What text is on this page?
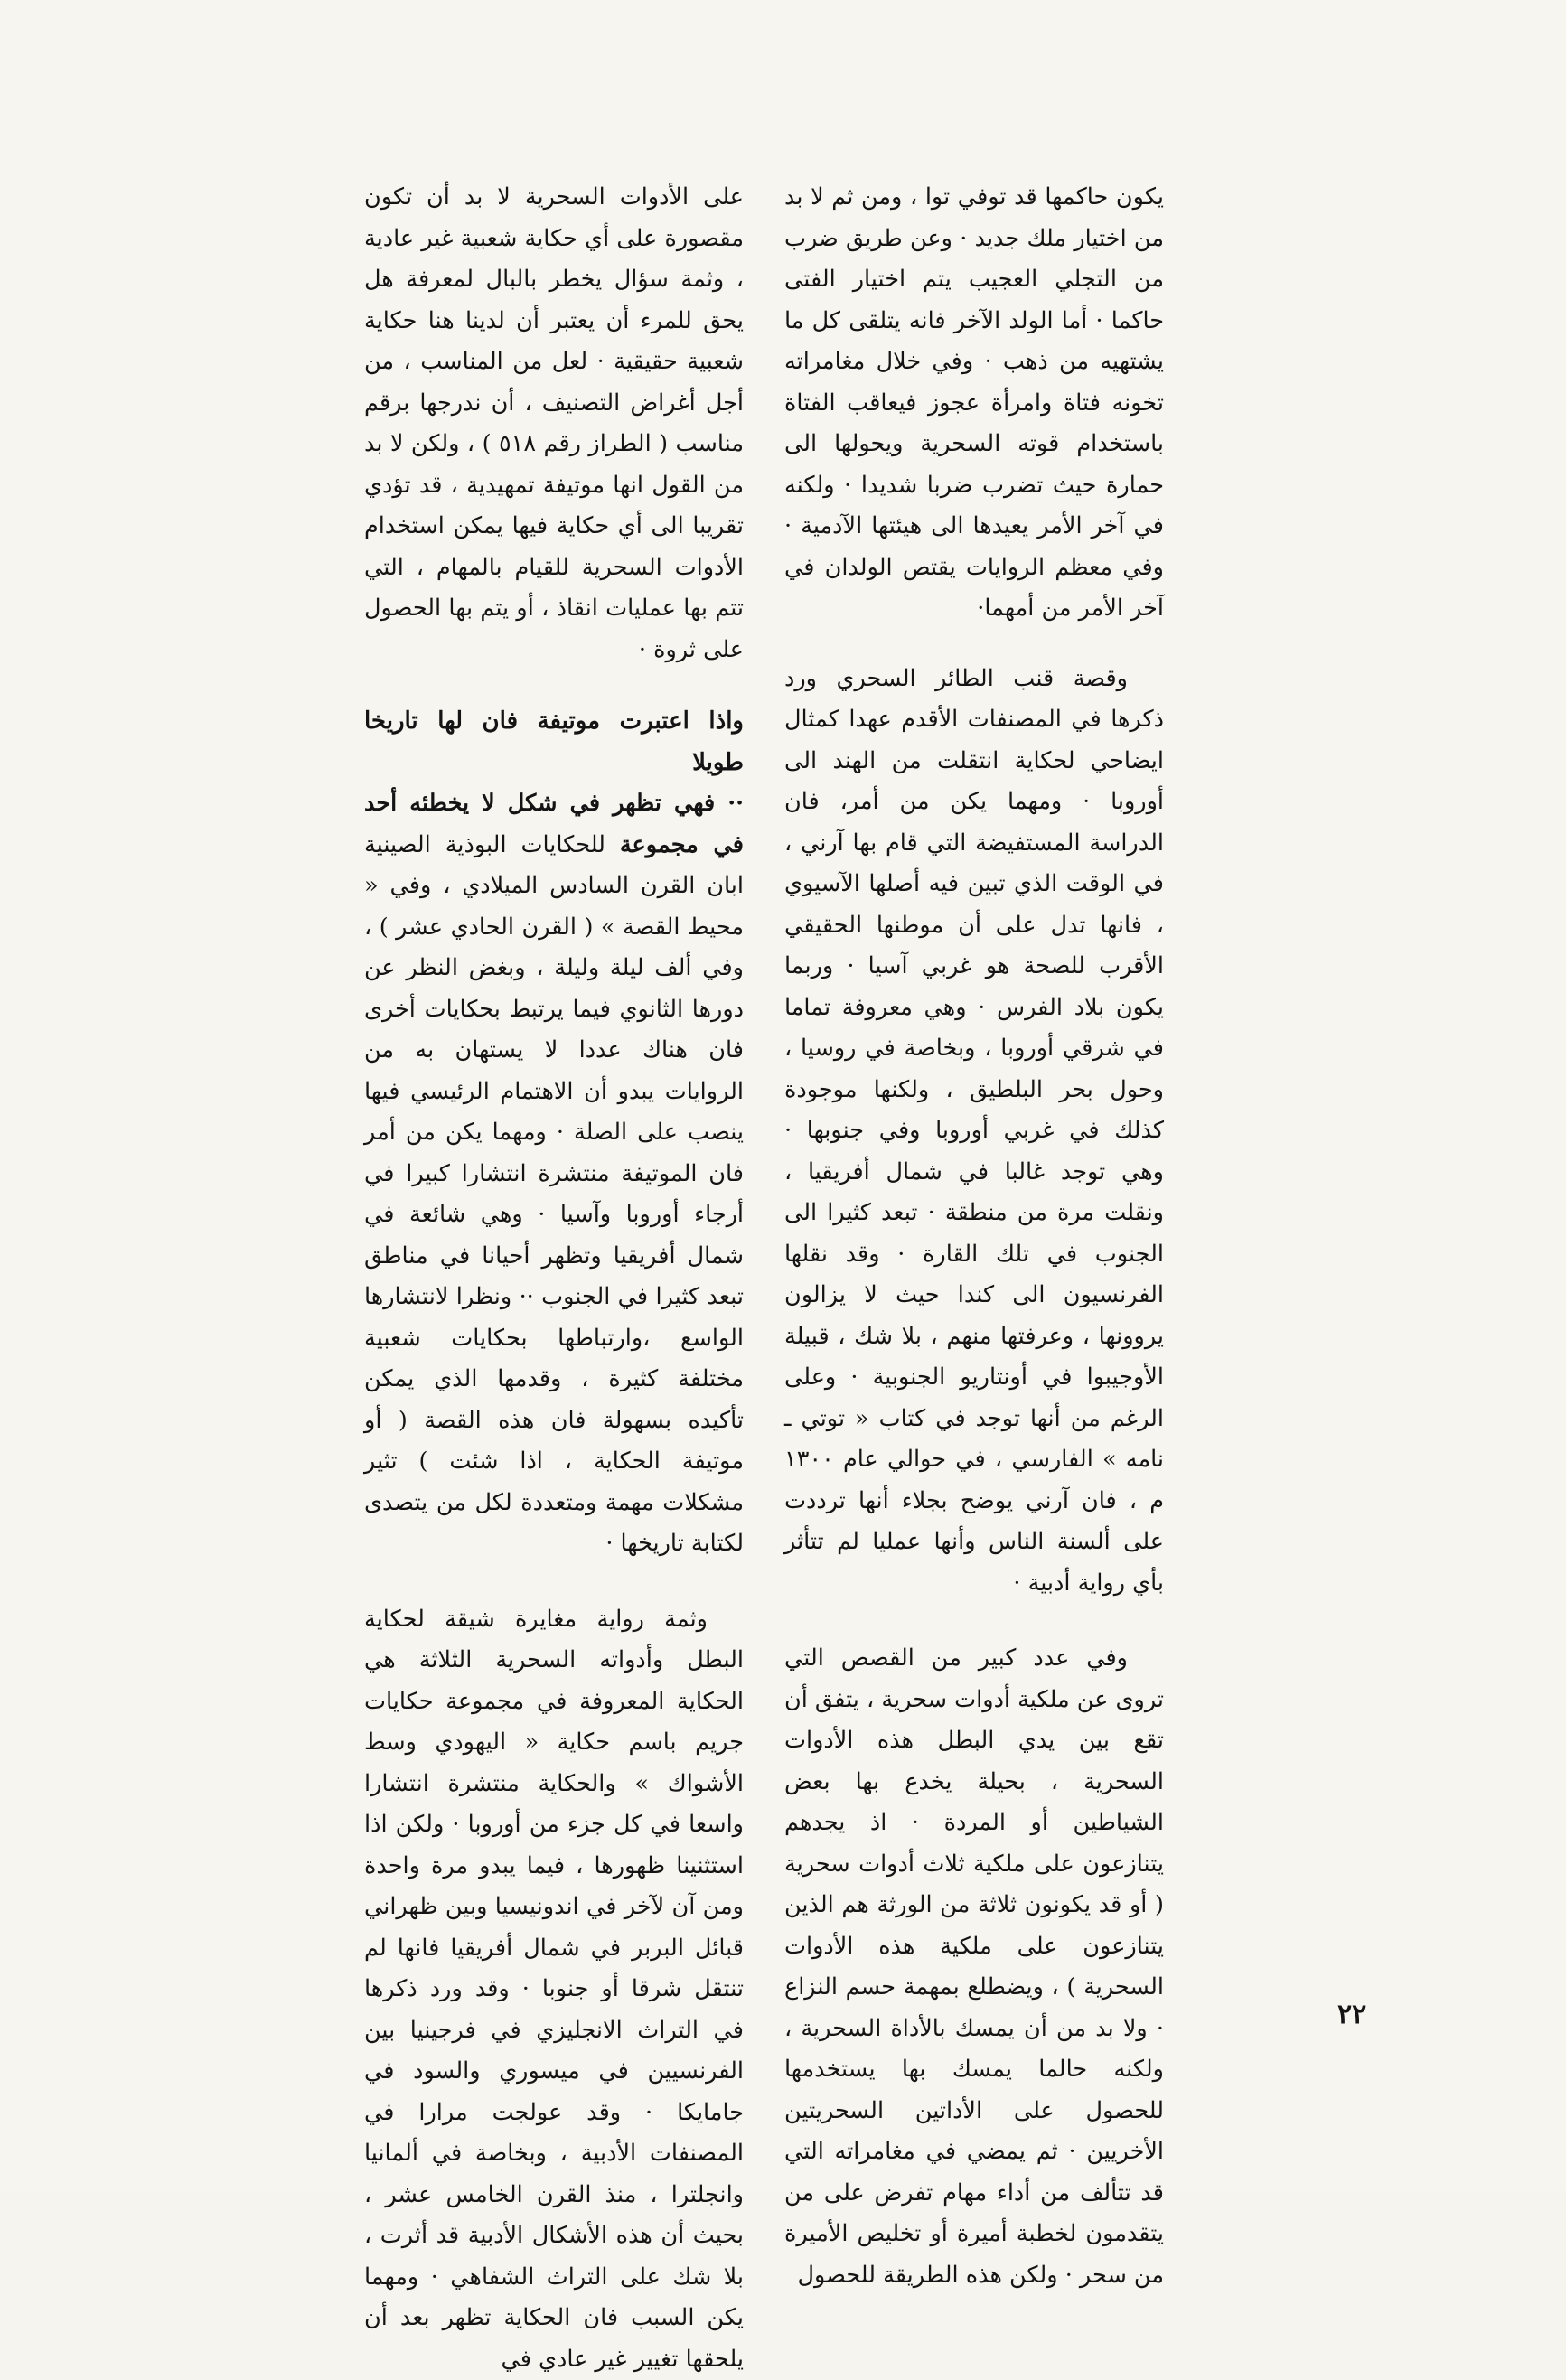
يكون حاكمها قد توفي توا ، ومن ثم لا بد من اختيار ملك جديد · وعن طريق ضرب من التجلي العجيب يتم اختيار الفتى حاكما · أما الولد الآخر فانه يتلقى كل ما يشتهيه من ذهب · وفي خلال مغامراته تخونه فتاة وامرأة عجوز فيعاقب الفتاة باستخدام قوته السحرية ويحولها الى حمارة حيث تضرب ضربا شديدا · ولكنه في آخر الأمر يعيدها الى هيئتها الآدمية · وفي معظم الروايات يقتص الولدان في آخر الأمر من أمهما·

وقصة قنب الطائر السحري ورد ذكرها في المصنفات الأقدم عهدا كمثال ايضاحي لحكاية انتقلت من الهند الى أوروبا · ومهما يكن من أمر، فان الدراسة المستفيضة التي قام بها آرني ، في الوقت الذي تبين فيه أصلها الآسيوي ، فانها تدل على أن موطنها الحقيقي الأقرب للصحة هو غربي آسيا · وربما يكون بلاد الفرس · وهي معروفة تماما في شرقي أوروبا ، وبخاصة في روسيا ، وحول بحر البلطيق ، ولكنها موجودة كذلك في غربي أوروبا وفي جنوبها · وهي توجد غالبا في شمال أفريقيا ، ونقلت مرة من منطقة · تبعد كثيرا الى الجنوب في تلك القارة · وقد نقلها الفرنسيون الى كندا حيث لا يزالون يروونها ، وعرفتها منهم ، بلا شك ، قبيلة الأوجيبوا في أونتاريو الجنوبية · وعلى الرغم من أنها توجد في كتاب « توتي ـ نامه » الفارسي ، في حوالي عام ١٣٠٠ م ، فان آرني يوضح بجلاء أنها ترددت على ألسنة الناس وأنها عمليا لم تتأثر بأي رواية أدبية ·

وفي عدد كبير من القصص التي تروى عن ملكية أدوات سحرية ، يتفق أن تقع بين يدي البطل هذه الأدوات السحرية ، بحيلة يخدع بها بعض الشياطين أو المردة · اذ يجدهم يتنازعون على ملكية ثلاث أدوات سحرية ( أو قد يكونون ثلاثة من الورثة هم الذين يتنازعون على ملكية هذه الأدوات السحرية ) ، ويضطلع بمهمة حسم النزاع · ولا بد من أن يمسك بالأداة السحرية ، ولكنه حالما يمسك بها يستخدمها للحصول على الأداتين السحريتين الأخريين · ثم يمضي في مغامراته التي قد تتألف من أداء مهام تفرض على من يتقدمون لخطبة أميرة أو تخليص الأميرة من سحر · ولكن هذه الطريقة للحصول

على الأدوات السحرية لا بد أن تكون مقصورة على أي حكاية شعبية غير عادية ، وثمة سؤال يخطر بالبال لمعرفة هل يحق للمرء أن يعتبر أن لدينا هنا حكاية شعبية حقيقية · لعل من المناسب ، من أجل أغراض التصنيف ، أن ندرجها برقم مناسب ( الطراز رقم ٥١٨ ) ، ولكن لا بد من القول انها موتيفة تمهيدية ، قد تؤدي تقريبا الى أي حكاية فيها يمكن استخدام الأدوات السحرية للقيام بالمهام ، التي تتم بها عمليات انقاذ ، أو يتم بها الحصول على ثروة ·

واذا اعتبرت موتيفة فان لها تاريخا طويلا

·· فهي تظهر في شكل لا يخطئه أحد في مجموعة للحكايات البوذية الصينية ابان القرن السادس الميلادي ، وفي « محيط القصة » ( القرن الحادي عشر ) ، وفي ألف ليلة وليلة ، وبغض النظر عن دورها الثانوي فيما يرتبط بحكايات أخرى فان هناك عددا لا يستهان به من الروايات يبدو أن الاهتمام الرئيسي فيها ينصب على الصلة · ومهما يكن من أمر فان الموتيفة منتشرة انتشارا كبيرا في أرجاء أوروبا وآسيا · وهي شائعة في شمال أفريقيا وتظهر أحيانا في مناطق تبعد كثيرا في الجنوب ·· ونظرا لانتشارها الواسع ،وارتباطها بحكايات شعبية مختلفة كثيرة ، وقدمها الذي يمكن تأكيده بسهولة فان هذه القصة ( أو موتيفة الحكاية ، اذا شئت ) تثير مشكلات مهمة ومتعددة لكل من يتصدى لكتابة تاريخها ·

وثمة رواية مغايرة شيقة لحكاية البطل وأدواته السحرية الثلاثة هي الحكاية المعروفة في مجموعة حكايات جريم باسم حكاية « اليهودي وسط الأشواك » والحكاية منتشرة انتشارا واسعا في كل جزء من أوروبا · ولكن اذا استثنينا ظهورها ، فيما يبدو مرة واحدة ومن آن لآخر في اندونيسيا وبين ظهراني قبائل البربر في شمال أفريقيا فانها لم تنتقل شرقا أو جنوبا · وقد ورد ذكرها في التراث الانجليزي في فرجينيا بين الفرنسيين في ميسوري والسود في جامايكا · وقد عولجت مرارا في المصنفات الأدبية ، وبخاصة في ألمانيا وانجلترا ، منذ القرن الخامس عشر ، بحيث أن هذه الأشكال الأدبية قد أثرت ، بلا شك على التراث الشفاهي · ومهما يكن السبب فان الحكاية تظهر بعد أن يلحقها تغيير غير عادي في

٢٢
